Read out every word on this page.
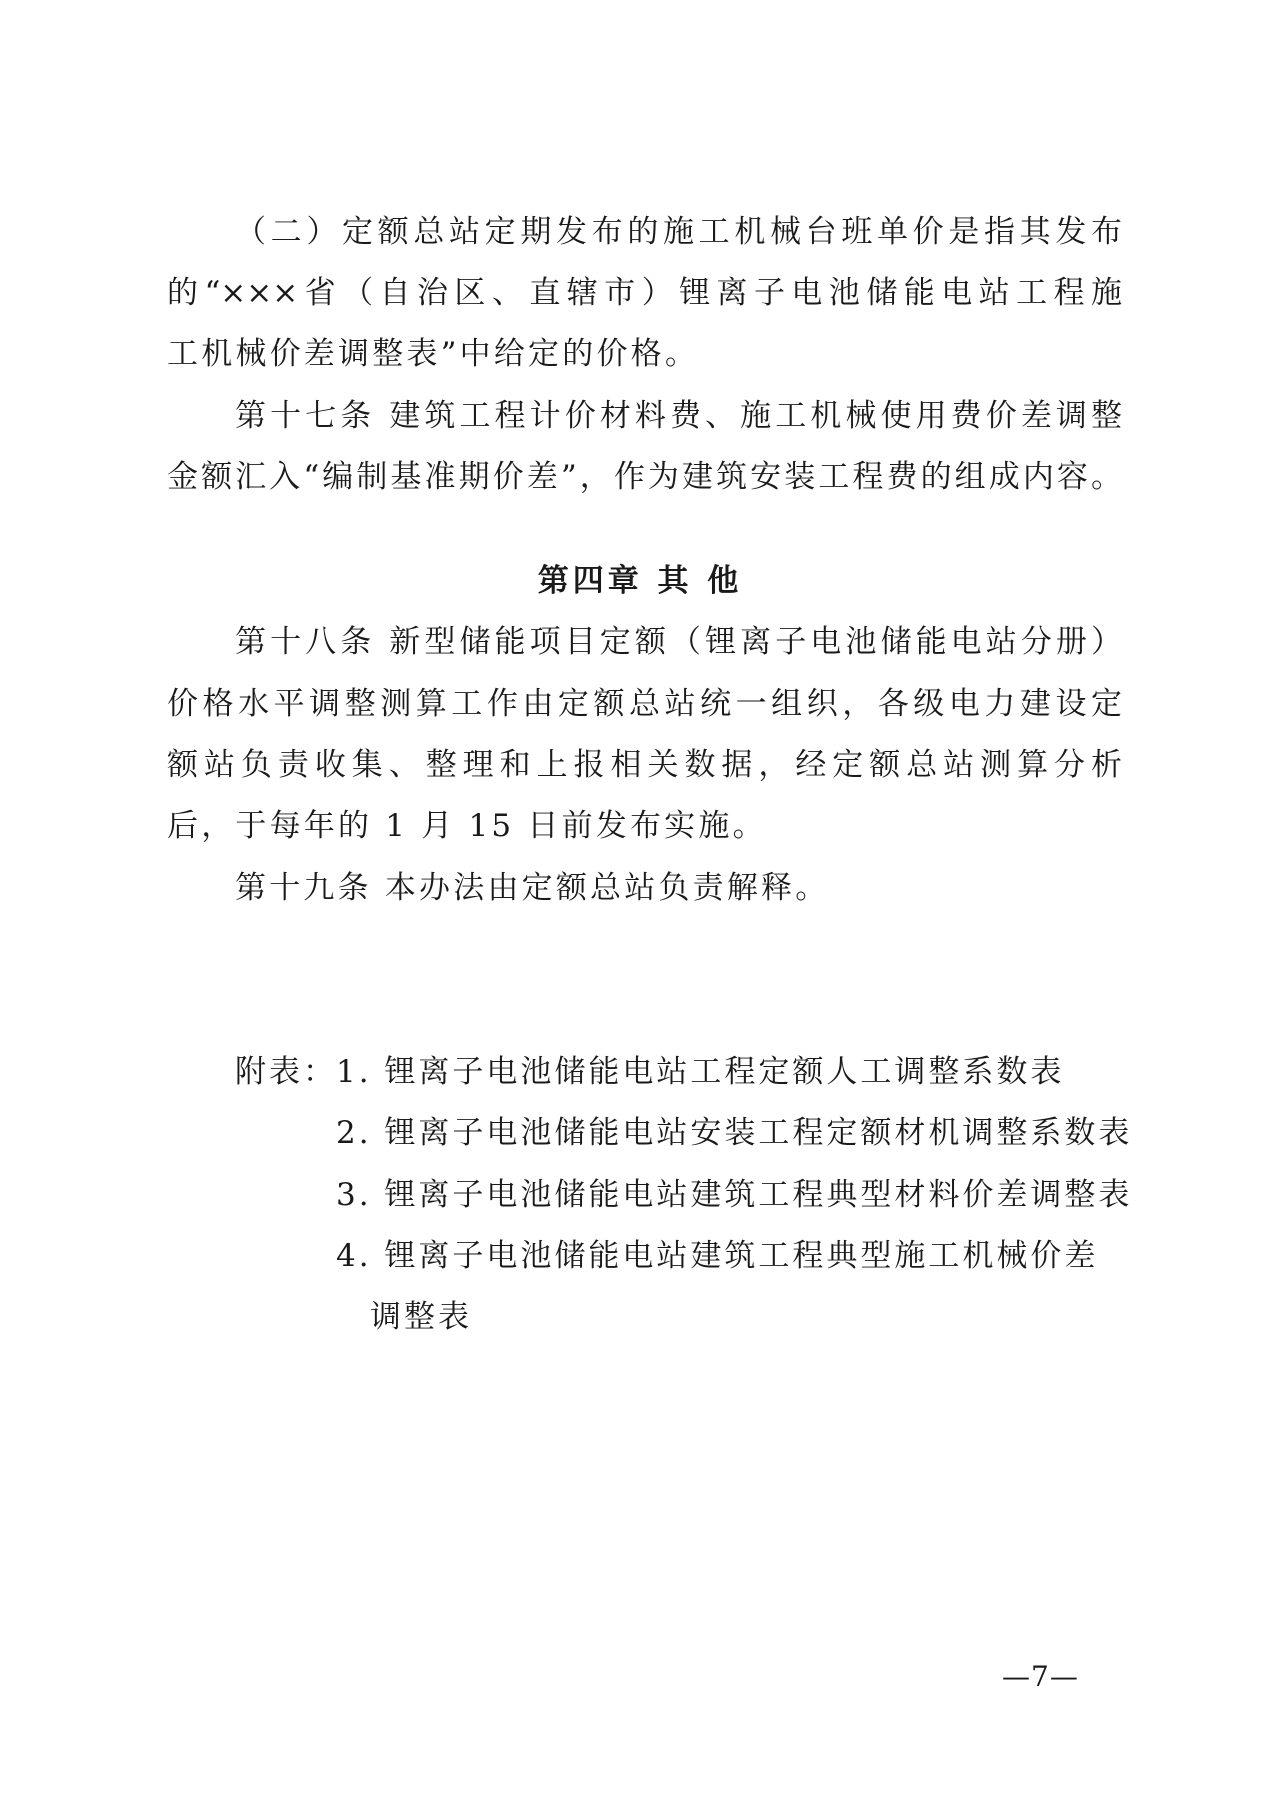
（二）定额总站定期发布的施工机械台班单价是指其发布
的“×××省（自治区、直辖市）锂离子电池储能电站工程施
工机械价差调整表”中给定的价格。
第十七条 建筑工程计价材料费、施工机械使用费价差调整
金额汇入“编制基准期价差”，作为建筑安装工程费的组成内容。
第四章 其 他
第十八条 新型储能项目定额（锂离子电池储能电站分册）
价格水平调整测算工作由定额总站统一组织，各级电力建设定
额站负责收集、整理和上报相关数据，经定额总站测算分析
后，于每年的 1 月 15 日前发布实施。
第十九条 本办法由定额总站负责解释。
附表： 1. 锂离子电池储能电站工程定额人工调整系数表
2. 锂离子电池储能电站安装工程定额材机调整系数表
3. 锂离子电池储能电站建筑工程典型材料价差调整表
4. 锂离子电池储能电站建筑工程典型施工机械价差
调整表
—7—
